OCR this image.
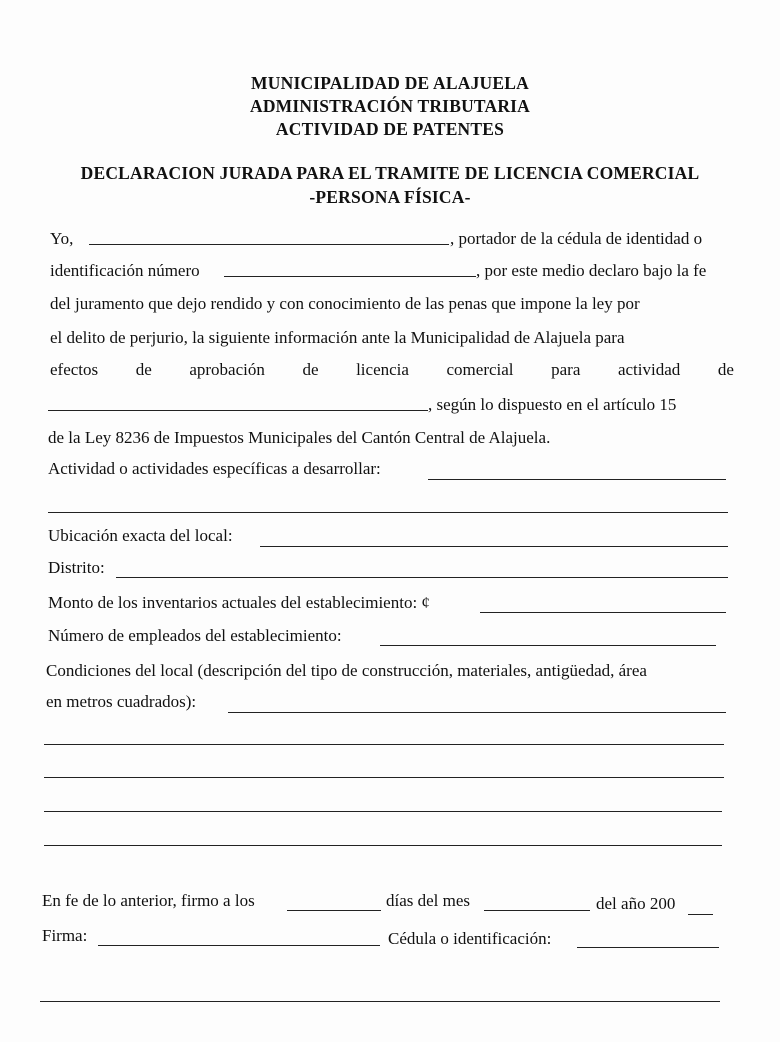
MUNICIPALIDAD DE ALAJUELA
ADMINISTRACIÓN TRIBUTARIA
ACTIVIDAD DE PATENTES
DECLARACION JURADA PARA EL TRAMITE DE LICENCIA COMERCIAL
-PERSONA FÍSICA-
Yo,	, portador de la cédula de identidad o
identificación número	, por este medio declaro bajo la fe
del juramento que dejo rendido y con conocimiento de las penas que impone la ley por
el delito de perjurio, la siguiente información ante la Municipalidad de Alajuela para
efectos de aprobación de licencia comercial para actividad de
, según lo dispuesto en el artículo 15
de la Ley 8236 de Impuestos Municipales del Cantón Central de Alajuela.
Actividad o actividades específicas a desarrollar:
Ubicación exacta del local:
Distrito:
Monto de los inventarios actuales del establecimiento: ¢
Número de empleados del establecimiento:
Condiciones del local (descripción del tipo de construcción, materiales, antigüedad, área
en metros cuadrados):
En fe de lo anterior, firmo a los	días del mes	del año 200
Firma:	Cédula o identificación:
